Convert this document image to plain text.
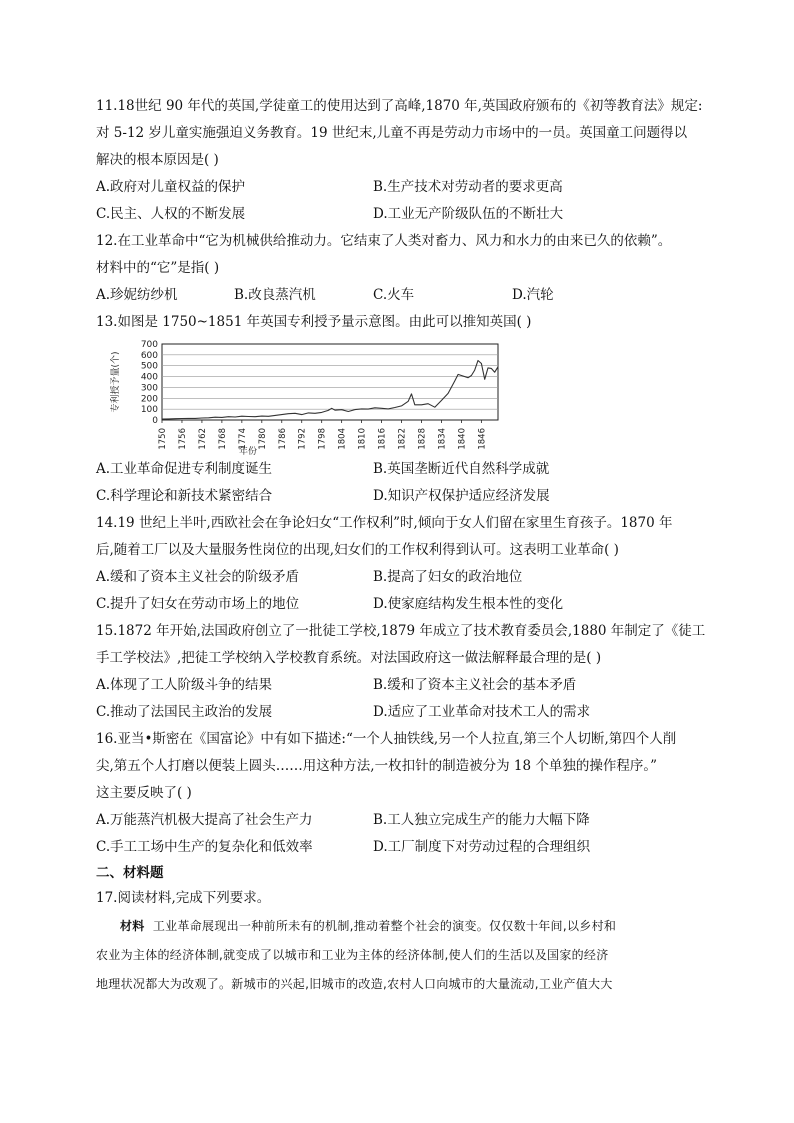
11.18世纪 90 年代的英国,学徒童工的使用达到了高峰,1870 年,英国政府颁布的《初等教育法》规定:
对 5-12 岁儿童实施强迫义务教育。19 世纪末,儿童不再是劳动力市场中的一员。英国童工问题得以
解决的根本原因是( )
A.政府对儿童权益的保护	B.生产技术对劳动者的要求更高
C.民主、人权的不断发展	D.工业无产阶级队伍的不断壮大
12.在工业革命中“它为机械供给推动力。它结束了人类对畜力、风力和水力的由来已久的依赖”。
材料中的“它”是指( )
A.珍妮纺纱机	B.改良蒸汽机	C.火车	D.汽轮
13.如图是 1750~1851 年英国专利授予量示意图。由此可以推知英国( )
0
100
200
300
400
500
600
700
1750 1756 1762 1768 1774 1780 1786 1792 1798 1804 1810 1816 1822 1828 1834 1840 1846
专利授予量(个)
年份
A.工业革命促进专利制度诞生	B.英国垄断近代自然科学成就
C.科学理论和新技术紧密结合	D.知识产权保护适应经济发展
14.19 世纪上半叶,西欧社会在争论妇女“工作权利”时,倾向于女人们留在家里生育孩子。1870 年
后,随着工厂以及大量服务性岗位的出现,妇女们的工作权利得到认可。这表明工业革命( )
A.缓和了资本主义社会的阶级矛盾	B.提高了妇女的政治地位
C.提升了妇女在劳动市场上的地位	D.使家庭结构发生根本性的变化
15.1872 年开始,法国政府创立了一批徒工学校,1879 年成立了技术教育委员会,1880 年制定了《徒工
手工学校法》,把徒工学校纳入学校教育系统。对法国政府这一做法解释最合理的是( )
A.体现了工人阶级斗争的结果	B.缓和了资本主义社会的基本矛盾
C.推动了法国民主政治的发展	D.适应了工业革命对技术工人的需求
16.亚当•斯密在《国富论》中有如下描述:“一个人抽铁线,另一个人拉直,第三个人切断,第四个人削
尖,第五个人打磨以便装上圆头……用这种方法,一枚扣针的制造被分为 18 个单独的操作程序。”
这主要反映了( )
A.万能蒸汽机极大提高了社会生产力	B.工人独立完成生产的能力大幅下降
C.手工工场中生产的复杂化和低效率	D.工厂制度下对劳动过程的合理组织
二、材料题
17.阅读材料,完成下列要求。
材料 工业革命展现出一种前所未有的机制,推动着整个社会的演变。仅仅数十年间,以乡村和
农业为主体的经济体制,就变成了以城市和工业为主体的经济体制,使人们的生活以及国家的经济
地理状况都大为改观了。新城市的兴起,旧城市的改造,农村人口向城市的大量流动,工业产值大大
